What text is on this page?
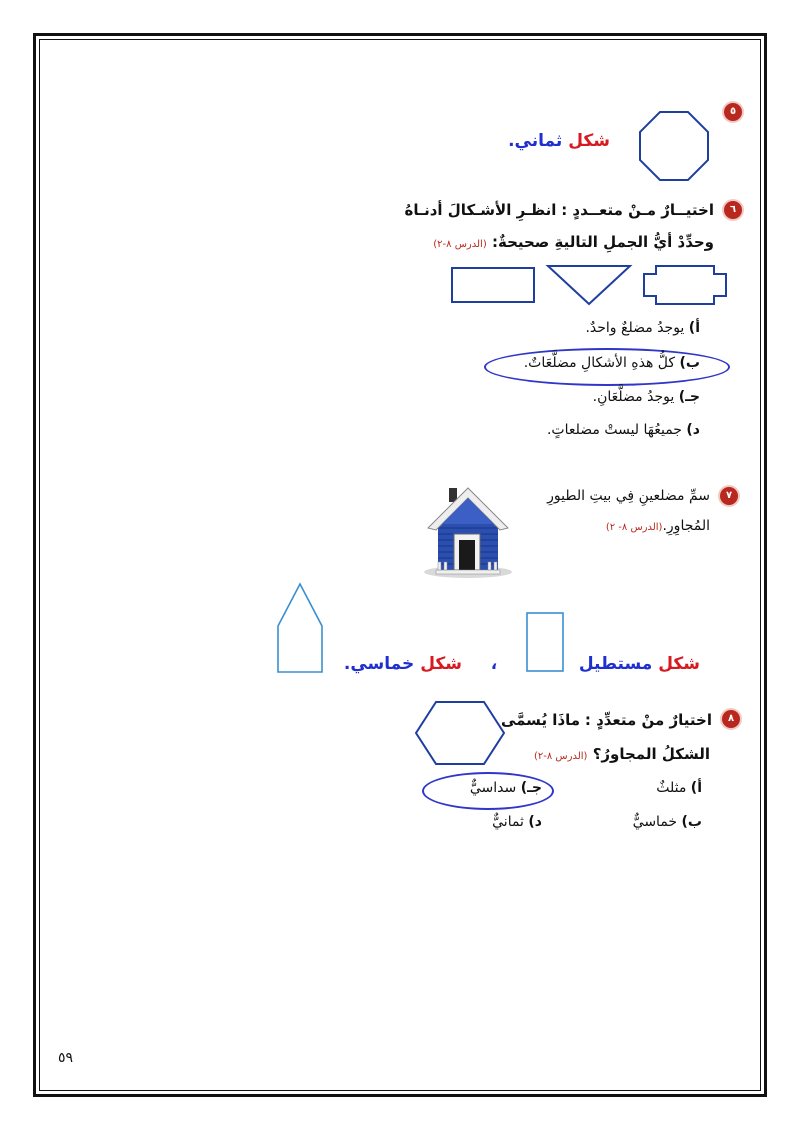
٥
شكل ثماني.
٦
اختيــارٌ مـنْ متعــددٍ : انظـرِ الأشـكالَ أدنـاهُ
وحدِّدْ أيُّ الجملِ التاليةِ صحيحةٌ: (الدرس ٨-٢)
أ) يوجدُ مضلعٌ واحدٌ.
ب) كلُّ هذهِ الأشكالِ مضلَّعَاتٌ.
جـ) يوجدُ مضلَّعَانِ.
د) جميعُهَا ليستْ مضلعاتٍ.
٧
سمِّ مضلعينِ فِي بيتِ الطيورِ
المُجاوِرِ.(الدرس ٨- ٢)
شكل مستطيل
،
شكل خماسي.
٨
اختيارٌ منْ متعدِّدٍ : ماذَا يُسمَّى
الشكلُ المجاورُ؟ (الدرس ٨-٢)
أ) مثلثٌ
جـ) سداسيٌّ
ب) خماسيٌّ
د) ثمانيٌّ
٥٩
